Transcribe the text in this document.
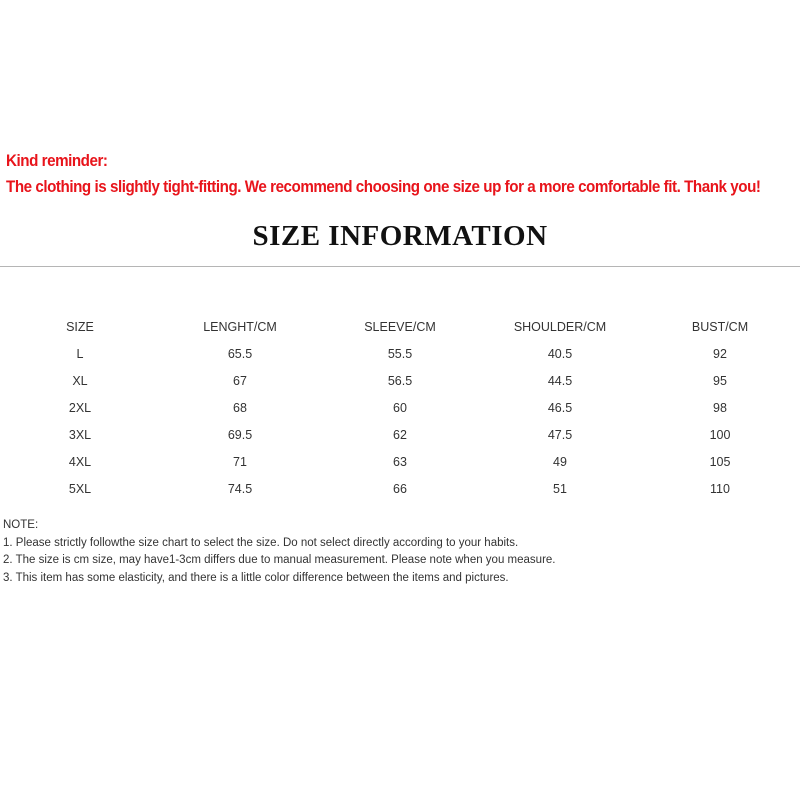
Kind reminder:
The clothing is slightly tight-fitting. We recommend choosing one size up for a more comfortable fit. Thank you!
SIZE INFORMATION
SIZE	LENGHT/CM	SLEEVE/CM	SHOULDER/CM	BUST/CM
L	65.5	55.5	40.5	92
XL	67	56.5	44.5	95
2XL	68	60	46.5	98
3XL	69.5	62	47.5	100
4XL	71	63	49	105
5XL	74.5	66	51	110
NOTE:
1. Please strictly followthe size chart to select the size. Do not select directly according to your habits.
2. The size is cm size, may have1-3cm differs due to manual measurement. Please note when you measure.
3. This item has some elasticity, and there is a little color difference between the items and pictures.
